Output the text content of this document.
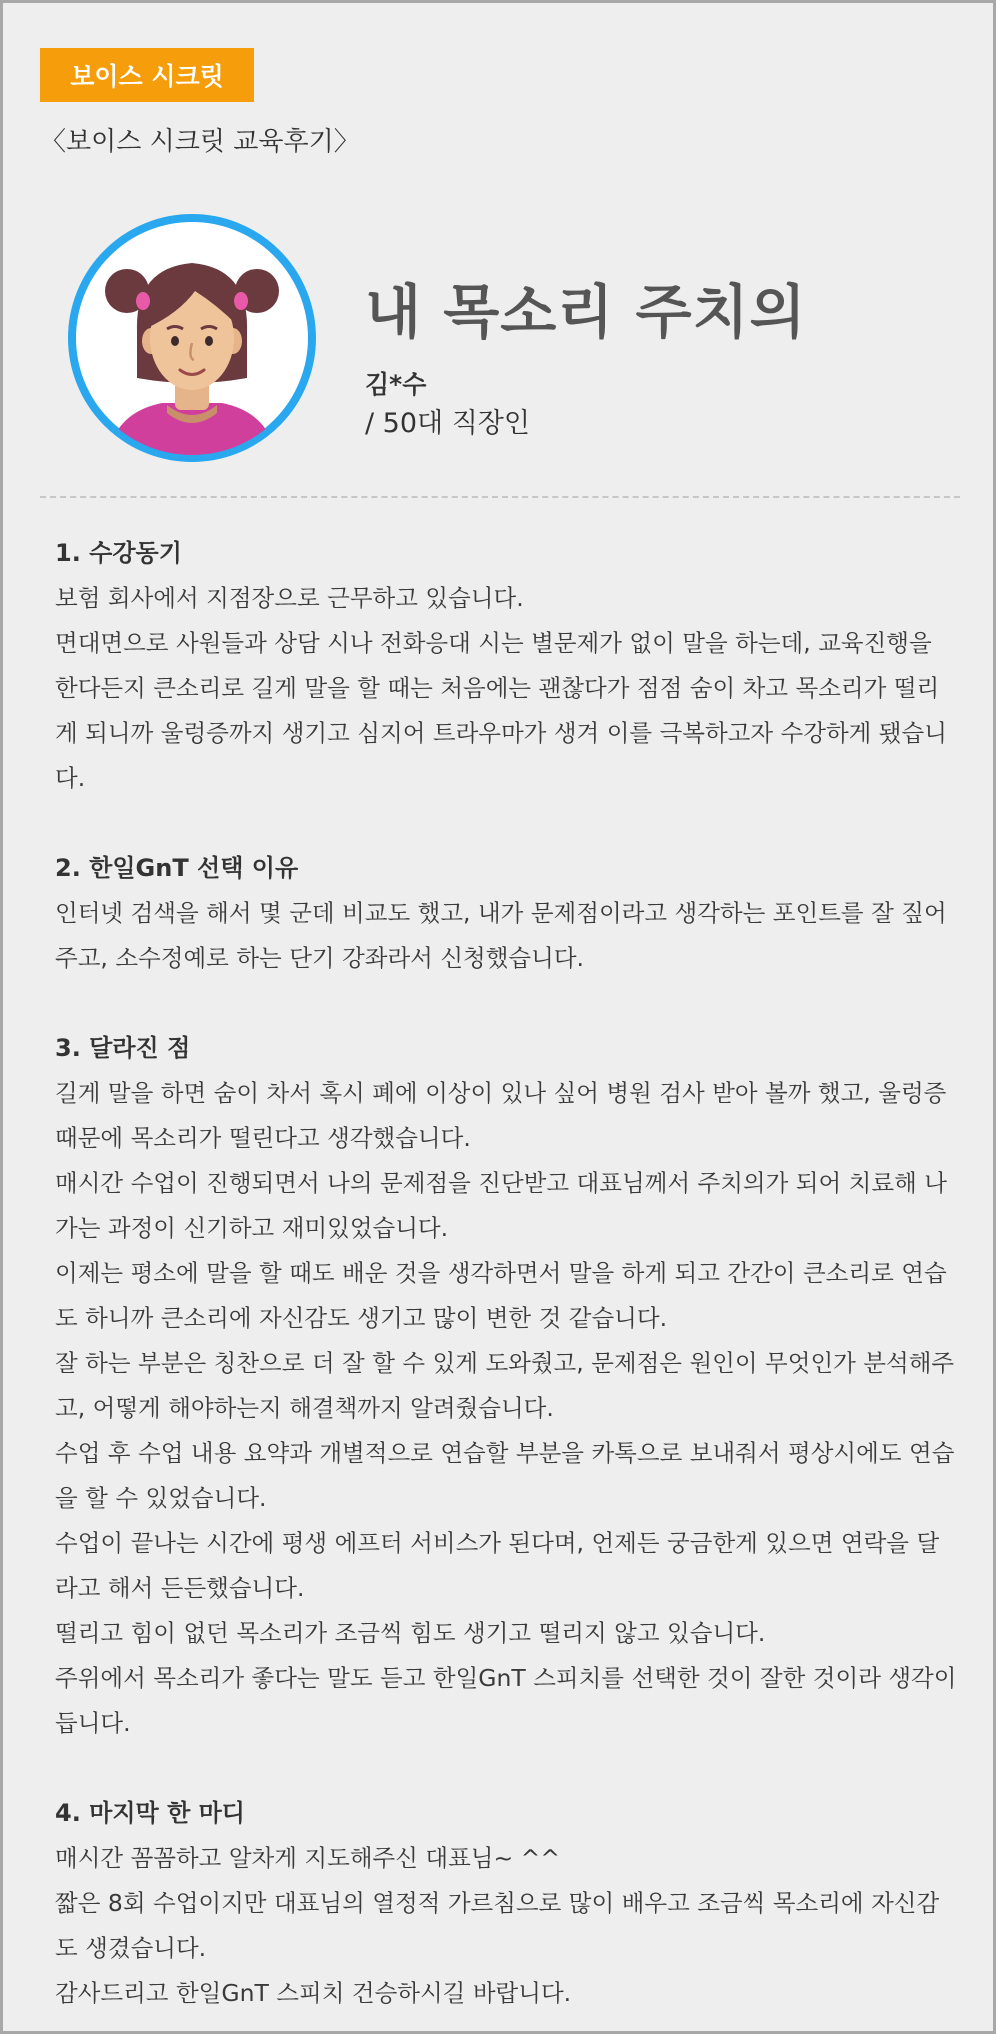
보이스 시크릿
〈보이스 시크릿 교육후기〉
내 목소리 주치의
김*수
/ 50대 직장인
1. 수강동기
보험 회사에서 지점장으로 근무하고 있습니다.
면대면으로 사원들과 상담 시나 전화응대 시는 별문제가 없이 말을 하는데, 교육진행을 한다든지 큰소리로 길게 말을 할 때는 처음에는 괜찮다가 점점 숨이 차고 목소리가 떨리게 되니까 울렁증까지 생기고 심지어 트라우마가 생겨 이를 극복하고자 수강하게 됐습니다.
2. 한일GnT 선택 이유
인터넷 검색을 해서 몇 군데 비교도 했고, 내가 문제점이라고 생각하는 포인트를 잘 짚어주고, 소수정예로 하는 단기 강좌라서 신청했습니다.
3. 달라진 점
길게 말을 하면 숨이 차서 혹시 폐에 이상이 있나 싶어 병원 검사 받아 볼까 했고, 울렁증 때문에 목소리가 떨린다고 생각했습니다.
매시간 수업이 진행되면서 나의 문제점을 진단받고 대표님께서 주치의가 되어 치료해 나가는 과정이 신기하고 재미있었습니다.
이제는 평소에 말을 할 때도 배운 것을 생각하면서 말을 하게 되고 간간이 큰소리로 연습도 하니까 큰소리에 자신감도 생기고 많이 변한 것 같습니다.
잘 하는 부분은 칭찬으로 더 잘 할 수 있게 도와줬고, 문제점은 원인이 무엇인가 분석해주고, 어떻게 해야하는지 해결책까지 알려줬습니다.
수업 후 수업 내용 요약과 개별적으로 연습할 부분을 카톡으로 보내줘서 평상시에도 연습을 할 수 있었습니다.
수업이 끝나는 시간에 평생 에프터 서비스가 된다며, 언제든 궁금한게 있으면 연락을 달라고 해서 든든했습니다.
떨리고 힘이 없던 목소리가 조금씩 힘도 생기고 떨리지 않고 있습니다.
주위에서 목소리가 좋다는 말도 듣고 한일GnT 스피치를 선택한 것이 잘한 것이라 생각이 듭니다.
4. 마지막 한 마디
매시간 꼼꼼하고 알차게 지도해주신 대표님~ ^^
짧은 8회 수업이지만 대표님의 열정적 가르침으로 많이 배우고 조금씩 목소리에 자신감도 생겼습니다.
감사드리고 한일GnT 스피치 건승하시길 바랍니다.
